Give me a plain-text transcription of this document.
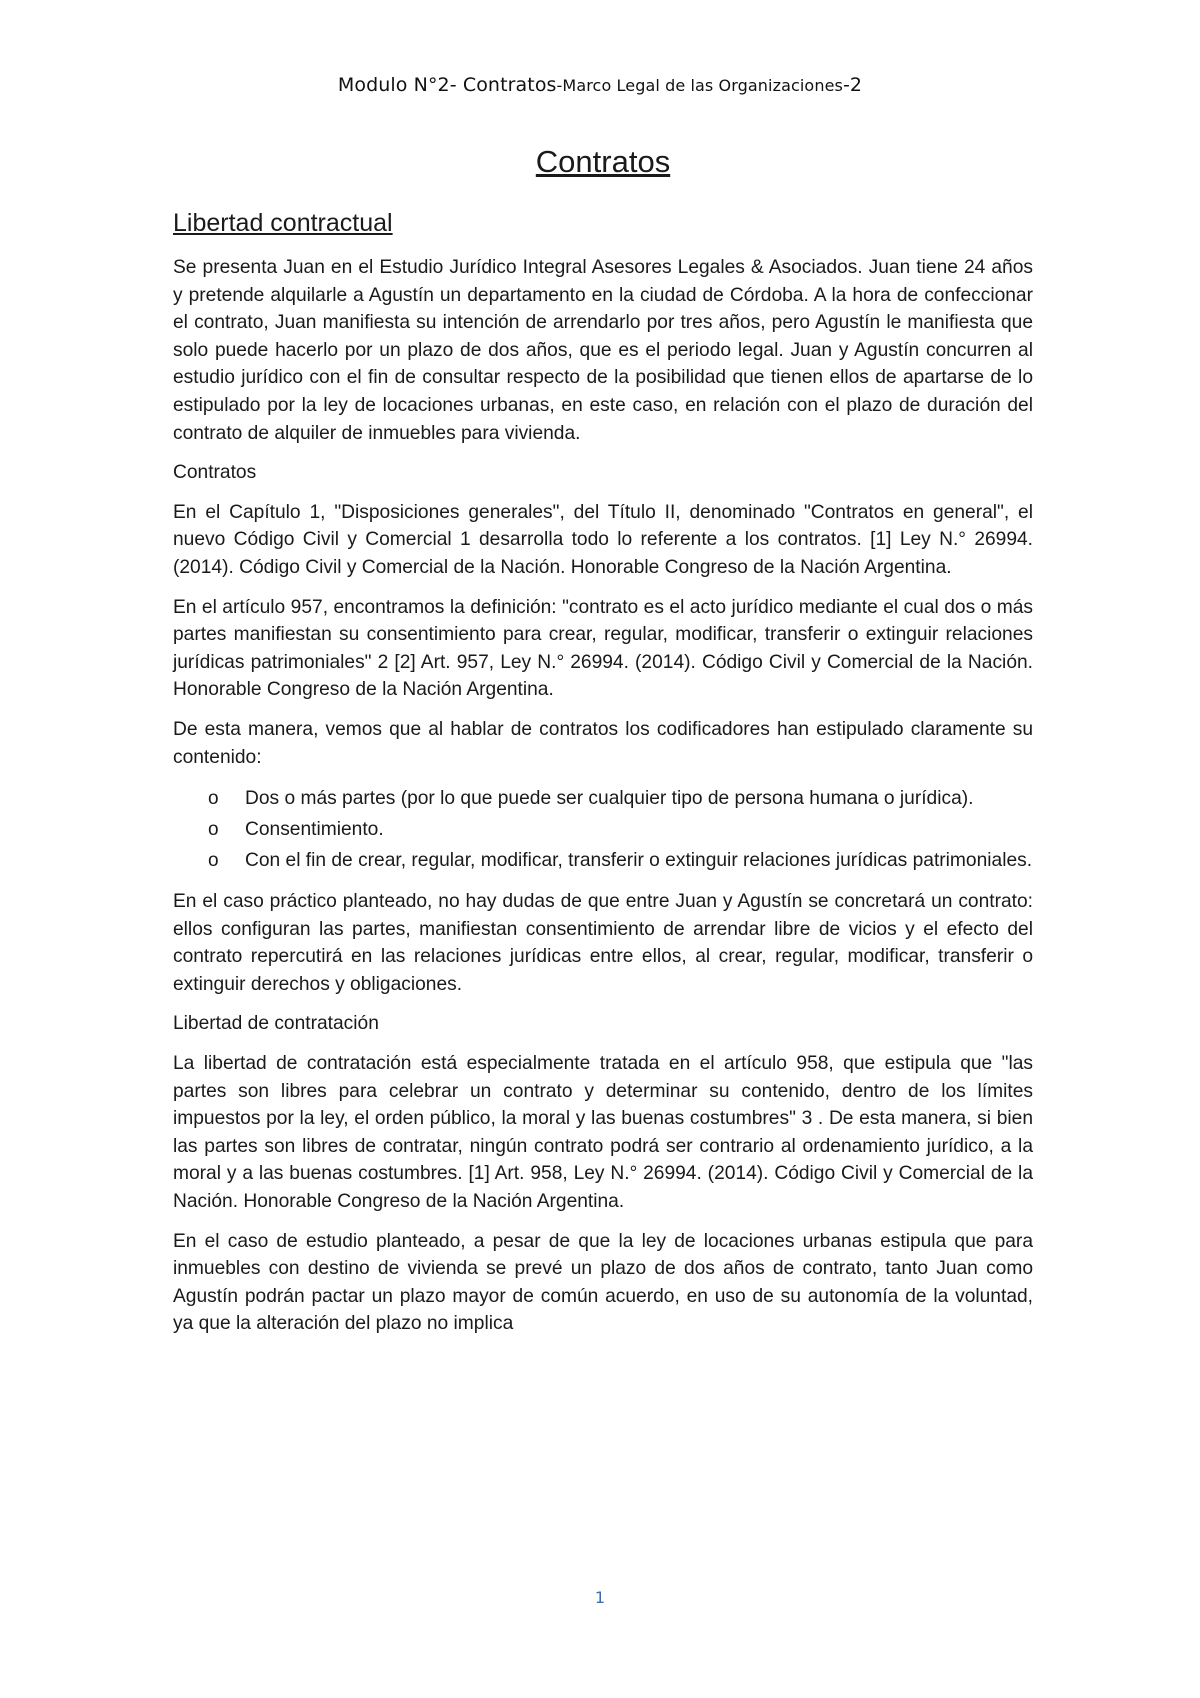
Modulo N°2- Contratos-Marco Legal de las Organizaciones-2
Contratos
Libertad contractual

Se presenta Juan en el Estudio Jurídico Integral Asesores Legales & Asociados. Juan tiene 24 años y pretende alquilarle a Agustín un departamento en la ciudad de Córdoba. A la hora de confeccionar el contrato, Juan manifiesta su intención de arrendarlo por tres años, pero Agustín le manifiesta que solo puede hacerlo por un plazo de dos años, que es el periodo legal. Juan y Agustín concurren al estudio jurídico con el fin de consultar respecto de la posibilidad que tienen ellos de apartarse de lo estipulado por la ley de locaciones urbanas, en este caso, en relación con el plazo de duración del contrato de alquiler de inmuebles para vivienda.

Contratos

En el Capítulo 1, "Disposiciones generales", del Título II, denominado "Contratos en general", el nuevo Código Civil y Comercial 1 desarrolla todo lo referente a los contratos. [1] Ley N.° 26994. (2014). Código Civil y Comercial de la Nación. Honorable Congreso de la Nación Argentina.

En el artículo 957, encontramos la definición: "contrato es el acto jurídico mediante el cual dos o más partes manifiestan su consentimiento para crear, regular, modificar, transferir o extinguir relaciones jurídicas patrimoniales" 2 [2] Art. 957, Ley N.° 26994. (2014). Código Civil y Comercial de la Nación. Honorable Congreso de la Nación Argentina.

De esta manera, vemos que al hablar de contratos los codificadores han estipulado claramente su contenido:

o Dos o más partes (por lo que puede ser cualquier tipo de persona humana o jurídica).
o Consentimiento.
o Con el fin de crear, regular, modificar, transferir o extinguir relaciones jurídicas patrimoniales.

En el caso práctico planteado, no hay dudas de que entre Juan y Agustín se concretará un contrato: ellos configuran las partes, manifiestan consentimiento de arrendar libre de vicios y el efecto del contrato repercutirá en las relaciones jurídicas entre ellos, al crear, regular, modificar, transferir o extinguir derechos y obligaciones.

Libertad de contratación

La libertad de contratación está especialmente tratada en el artículo 958, que estipula que "las partes son libres para celebrar un contrato y determinar su contenido, dentro de los límites impuestos por la ley, el orden público, la moral y las buenas costumbres" 3 . De esta manera, si bien las partes son libres de contratar, ningún contrato podrá ser contrario al ordenamiento jurídico, a la moral y a las buenas costumbres. [1] Art. 958, Ley N.° 26994. (2014). Código Civil y Comercial de la Nación. Honorable Congreso de la Nación Argentina.

En el caso de estudio planteado, a pesar de que la ley de locaciones urbanas estipula que para inmuebles con destino de vivienda se prevé un plazo de dos años de contrato, tanto Juan como Agustín podrán pactar un plazo mayor de común acuerdo, en uso de su autonomía de la voluntad, ya que la alteración del plazo no implica

1
